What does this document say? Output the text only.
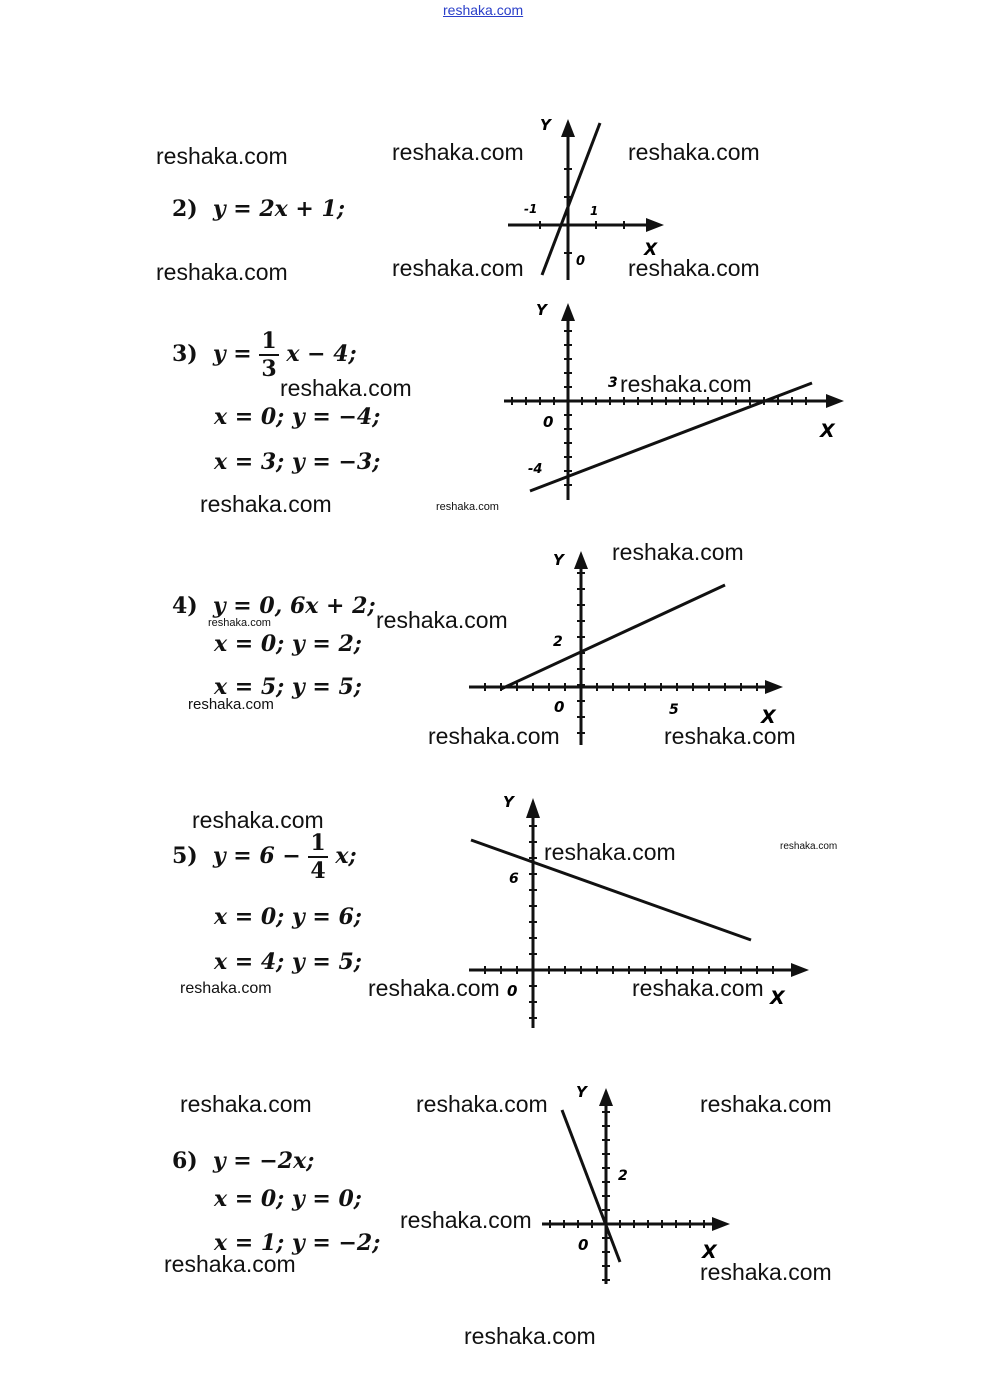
reshaka.com
2) y = 2x + 1;
Y
X
0
-1	1
3) $y = \frac{1}{3}$ x − 4;
x = 0; y = −4;
x = 3; y = −3;
Y
X
0
3
-4
4) y = 0, 6x + 2;
x = 0; y = 2;
x = 5; y = 5;
Y
X
0
2
5
5) $y = 6 - \frac{1}{4} x$;
x = 0; y = 6;
x = 4; y = 5;
Y
X
0
6
6) y = −2x;
x = 0; y = 0;
x = 1; y = −2;
Y
X
0
2
reshaka.com	reshaka.com	reshaka.com
reshaka.com	reshaka.com	reshaka.com
reshaka.com	reshaka.com
reshaka.com	reshaka.com
reshaka.com
reshaka.com
reshaka.com
reshaka.com
reshaka.com	reshaka.com
reshaka.com
reshaka.com	reshaka.com
reshaka.com	reshaka.com	reshaka.com
reshaka.com	reshaka.com	reshaka.com
reshaka.com
reshaka.com	reshaka.com
reshaka.com
